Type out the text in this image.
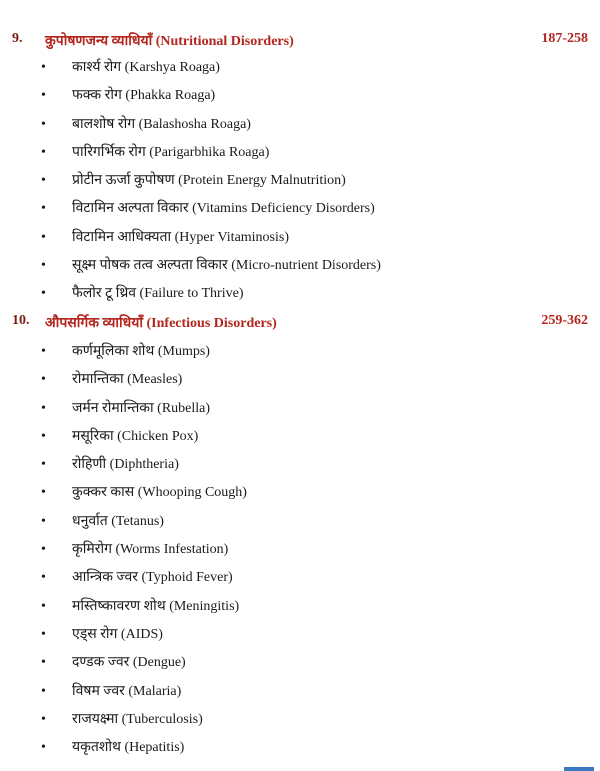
9. कुपोषणजन्य व्याधियाँ (Nutritional Disorders)	187-258
• कार्श्य रोग (Karshya Roaga)
• फक्क रोग (Phakka Roaga)
• बालशोष रोग (Balashosha Roaga)
• पारिगर्भिक रोग (Parigarbhika Roaga)
• प्रोटीन ऊर्जा कुपोषण (Protein Energy Malnutrition)
• विटामिन अल्पता विकार (Vitamins Deficiency Disorders)
• विटामिन आधिक्यता (Hyper Vitaminosis)
• सूक्ष्म पोषक तत्व अल्पता विकार (Micro-nutrient Disorders)
• फैलोर टू थ्रिव (Failure to Thrive)
10. औपसर्गिक व्याधियाँ (Infectious Disorders)	259-362
• कर्णमूलिका शोथ (Mumps)
• रोमान्तिका (Measles)
• जर्मन रोमान्तिका (Rubella)
• मसूरिका (Chicken Pox)
• रोहिणी (Diphtheria)
• कुक्कर कास (Whooping Cough)
• धनुर्वात (Tetanus)
• कृमिरोग (Worms Infestation)
• आन्त्रिक ज्वर (Typhoid Fever)
• मस्तिष्कावरण शोथ (Meningitis)
• एड्स रोग (AIDS)
• दण्डक ज्वर (Dengue)
• विषम ज्वर (Malaria)
• राजयक्ष्मा (Tuberculosis)
• यकृतशोथ (Hepatitis)
